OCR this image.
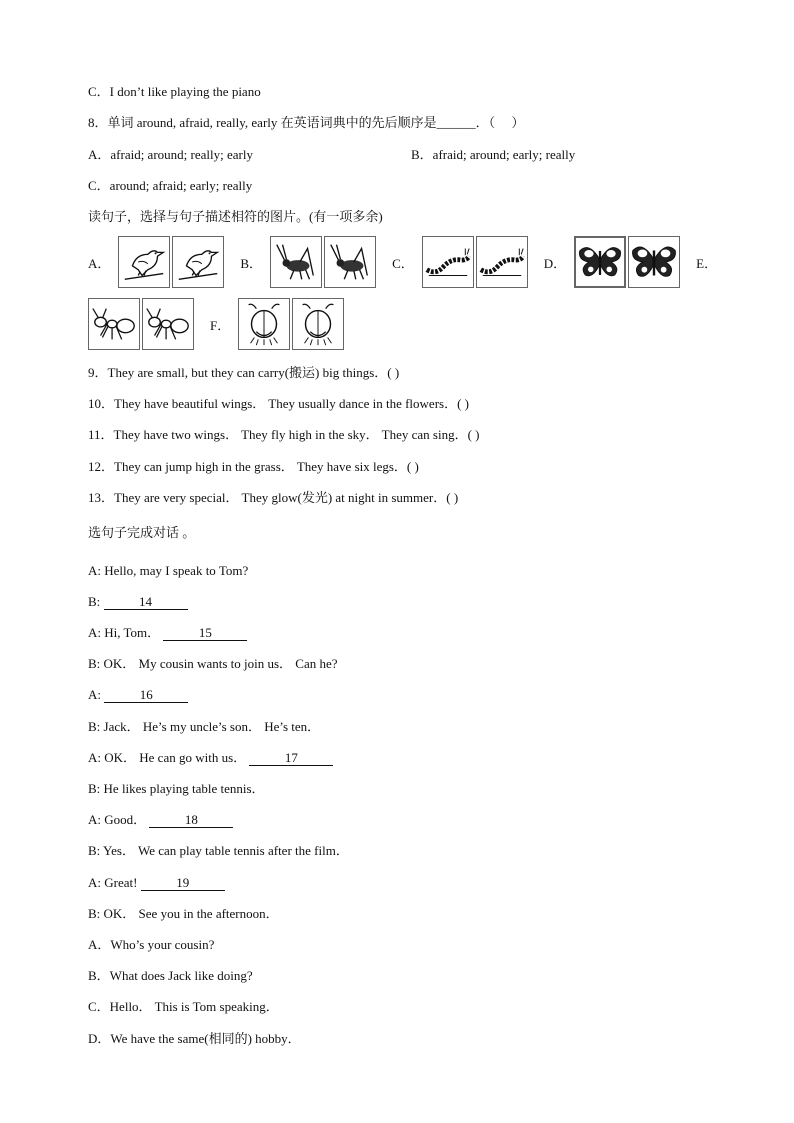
C．I don’t like playing the piano
8．单词 around, afraid, really, early 在英语词典中的先后顺序是______．（　 ）
A．afraid; around; really; early	B．afraid; around; early; really
C．around; afraid; early; really
读句子，选择与句子描述相符的图片。(有一项多余)
A．	B．	C．	D．	E．
F．
9．They are small, but they can carry(搬运) big things．( )
10．They have beautiful wings． They usually dance in the flowers．( )
11．They have two wings． They fly high in the sky． They can sing．( )
12．They can jump high in the grass． They have six legs．( )
13．They are very special． They glow(发光) at night in summer．( )
选句子完成对话 。
A: Hello, may I speak to Tom?
B:	14
A: Hi, Tom．	15
B: OK． My cousin wants to join us． Can he?
A:	16
B: Jack． He’s my uncle’s son． He’s ten．
A: OK． He can go with us．	17
B: He likes playing table tennis．
A: Good．	18
B: Yes． We can play table tennis after the film．
A: Great!	19
B: OK． See you in the afternoon．
A．Who’s your cousin?
B．What does Jack like doing?
C．Hello． This is Tom speaking．
D．We have the same(相同的) hobby．
